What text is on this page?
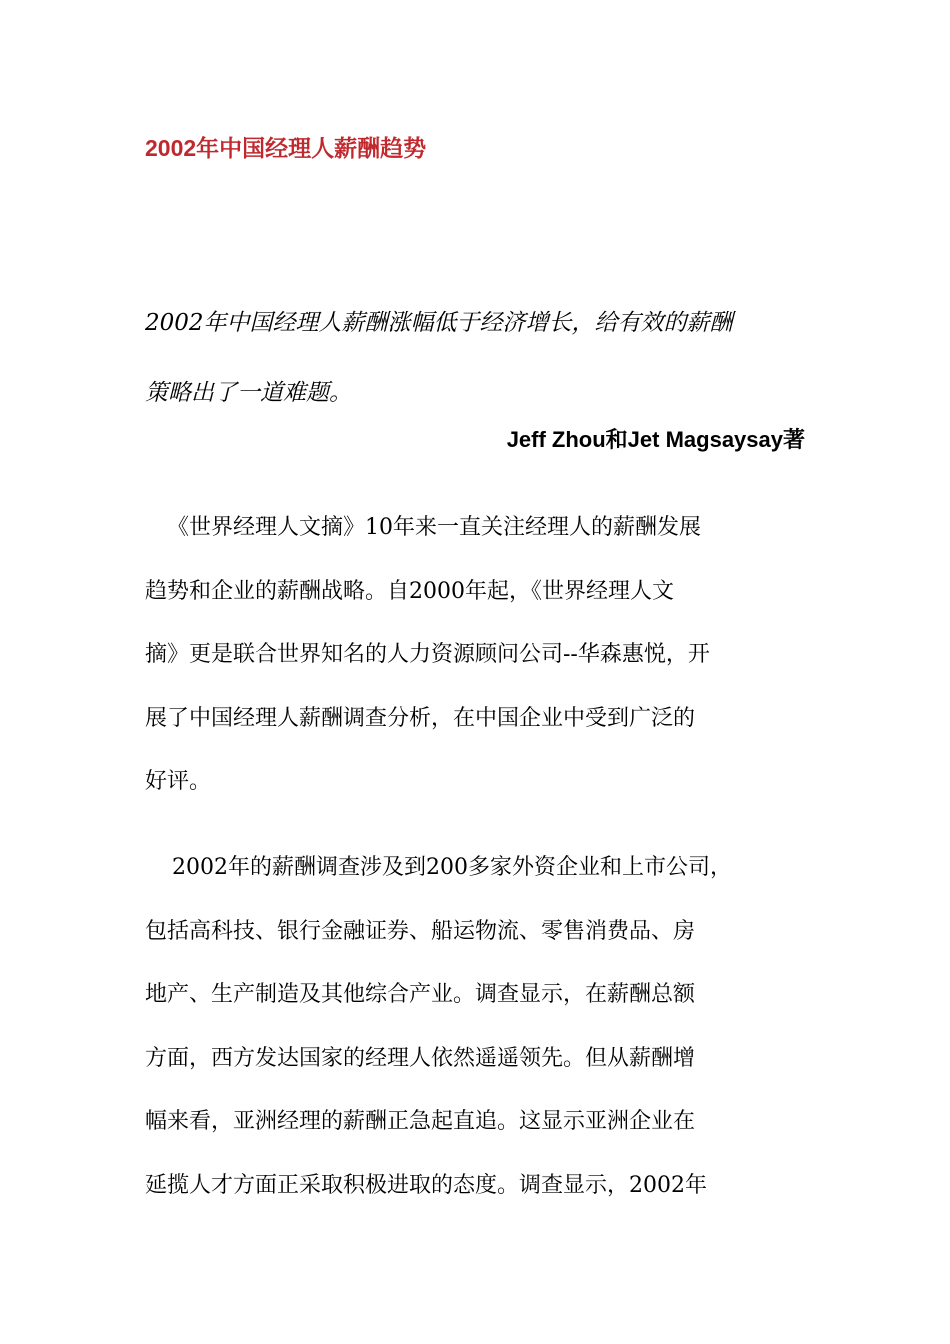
2002年中国经理人薪酬趋势

2002年中国经理人薪酬涨幅低于经济增长，给有效的薪酬
策略出了一道难题。

Jeff Zhou和Jet Magsaysay著

《世界经理人文摘》10年来一直关注经理人的薪酬发展
趋势和企业的薪酬战略。自2000年起，《世界经理人文
摘》更是联合世界知名的人力资源顾问公司--华森惠悦，开
展了中国经理人薪酬调查分析，在中国企业中受到广泛的
好评。

2002年的薪酬调查涉及到200多家外资企业和上市公司，
包括高科技、银行金融证券、船运物流、零售消费品、房
地产、生产制造及其他综合产业。调查显示，在薪酬总额
方面，西方发达国家的经理人依然遥遥领先。但从薪酬增
幅来看，亚洲经理的薪酬正急起直追。这显示亚洲企业在
延揽人才方面正采取积极进取的态度。调查显示，2002年
